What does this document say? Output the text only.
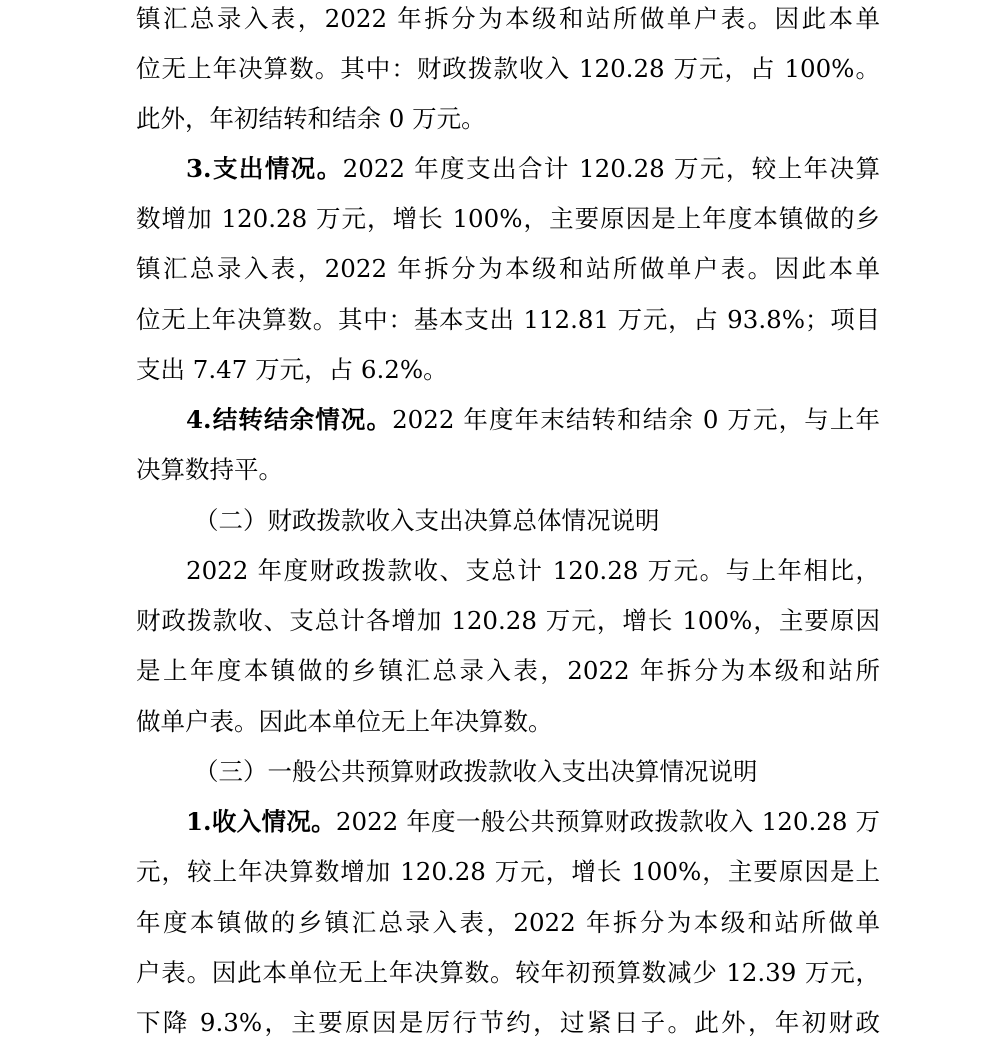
镇汇总录入表，2022 年拆分为本级和站所做单户表。因此本单
位无上年决算数。其中：财政拨款收入 120.28 万元，占 100%。
此外，年初结转和结余 0 万元。
3.支出情况。2022 年度支出合计 120.28 万元，较上年决算
数增加 120.28 万元，增长 100%，主要原因是上年度本镇做的乡
镇汇总录入表，2022 年拆分为本级和站所做单户表。因此本单
位无上年决算数。其中：基本支出 112.81 万元，占 93.8%；项目
支出 7.47 万元，占 6.2%。
4.结转结余情况。2022 年度年末结转和结余 0 万元，与上年
决算数持平。
（二）财政拨款收入支出决算总体情况说明
2022 年度财政拨款收、支总计 120.28 万元。与上年相比，
财政拨款收、支总计各增加 120.28 万元，增长 100%，主要原因
是上年度本镇做的乡镇汇总录入表，2022 年拆分为本级和站所
做单户表。因此本单位无上年决算数。
（三）一般公共预算财政拨款收入支出决算情况说明
1.收入情况。2022 年度一般公共预算财政拨款收入 120.28 万
元，较上年决算数增加 120.28 万元，增长 100%，主要原因是上
年度本镇做的乡镇汇总录入表，2022 年拆分为本级和站所做单
户表。因此本单位无上年决算数。较年初预算数减少 12.39 万元，
下降 9.3%，主要原因是厉行节约，过紧日子。此外，年初财政
